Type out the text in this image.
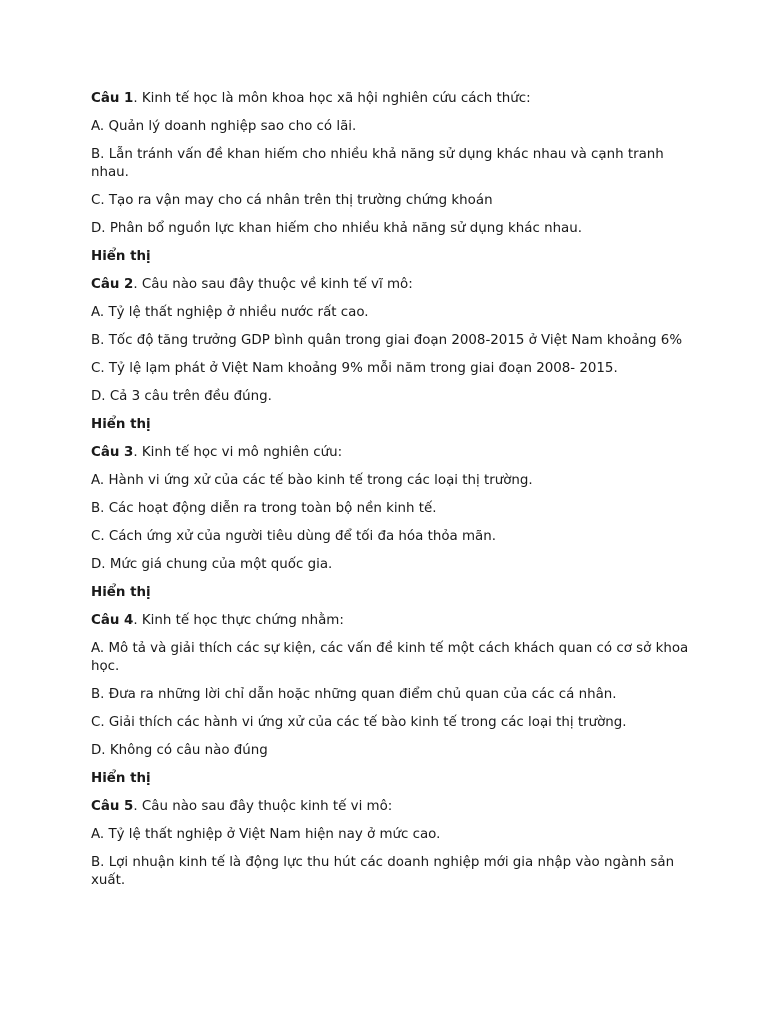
Câu 1. Kinh tế học là môn khoa học xã hội nghiên cứu cách thức:

A. Quản lý doanh nghiệp sao cho có lãi.

B. Lẫn tránh vấn đề khan hiếm cho nhiều khả năng sử dụng khác nhau và cạnh tranh nhau.

C. Tạo ra vận may cho cá nhân trên thị trường chứng khoán

D. Phân bổ nguồn lực khan hiếm cho nhiều khả năng sử dụng khác nhau.

Hiển thị

Câu 2. Câu nào sau đây thuộc về kinh tế vĩ mô:

A. Tỷ lệ thất nghiệp ở nhiều nước rất cao.

B. Tốc độ tăng trưởng GDP bình quân trong giai đoạn 2008-2015 ở Việt Nam khoảng 6%

C. Tỷ lệ lạm phát ở Việt Nam khoảng 9% mỗi năm trong giai đoạn 2008- 2015.

D. Cả 3 câu trên đều đúng.

Hiển thị

Câu 3. Kinh tế học vi mô nghiên cứu:

A. Hành vi ứng xử của các tế bào kinh tế trong các loại thị trường.

B. Các hoạt động diễn ra trong toàn bộ nền kinh tế.

C. Cách ứng xử của người tiêu dùng để tối đa hóa thỏa mãn.

D. Mức giá chung của một quốc gia.

Hiển thị

Câu 4. Kinh tế học thực chứng nhằm:

A. Mô tả và giải thích các sự kiện, các vấn đề kinh tế một cách khách quan có cơ sở khoa học.

B. Đưa ra những lời chỉ dẫn hoặc những quan điểm chủ quan của các cá nhân.

C. Giải thích các hành vi ứng xử của các tế bào kinh tế trong các loại thị trường.

D. Không có câu nào đúng

Hiển thị

Câu 5. Câu nào sau đây thuộc kinh tế vi mô:

A. Tỷ lệ thất nghiệp ở Việt Nam hiện nay ở mức cao.

B. Lợi nhuận kinh tế là động lực thu hút các doanh nghiệp mới gia nhập vào ngành sản xuất.
